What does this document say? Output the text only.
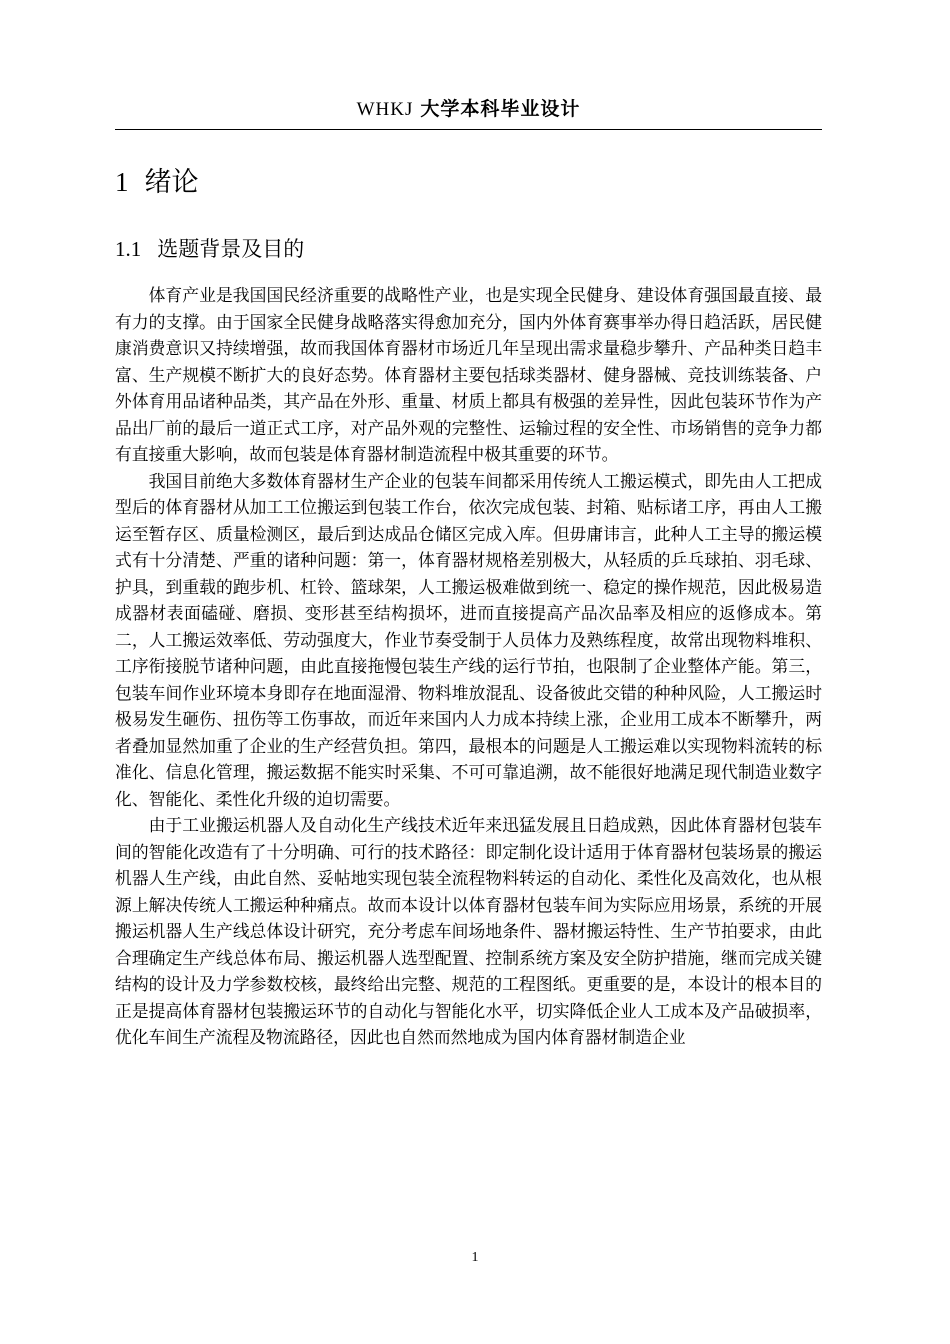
WHKJ 大学本科毕业设计
1 绪论
1.1 选题背景及目的

体育产业是我国国民经济重要的战略性产业，也是实现全民健身、建设体育强国最直接、最有力的支撑。由于国家全民健身战略落实得愈加充分，国内外体育赛事举办得日趋活跃，居民健康消费意识又持续增强，故而我国体育器材市场近几年呈现出需求量稳步攀升、产品种类日趋丰富、生产规模不断扩大的良好态势。体育器材主要包括球类器材、健身器械、竞技训练装备、户外体育用品诸种品类，其产品在外形、重量、材质上都具有极强的差异性，因此包装环节作为产品出厂前的最后一道正式工序，对产品外观的完整性、运输过程的安全性、市场销售的竞争力都有直接重大影响，故而包装是体育器材制造流程中极其重要的环节。

我国目前绝大多数体育器材生产企业的包装车间都采用传统人工搬运模式，即先由人工把成型后的体育器材从加工工位搬运到包装工作台，依次完成包装、封箱、贴标诸工序，再由人工搬运至暂存区、质量检测区，最后到达成品仓储区完成入库。但毋庸讳言，此种人工主导的搬运模式有十分清楚、严重的诸种问题：第一，体育器材规格差别极大，从轻质的乒乓球拍、羽毛球、护具，到重载的跑步机、杠铃、篮球架，人工搬运极难做到统一、稳定的操作规范，因此极易造成器材表面磕碰、磨损、变形甚至结构损坏，进而直接提高产品次品率及相应的返修成本。第二，人工搬运效率低、劳动强度大，作业节奏受制于人员体力及熟练程度，故常出现物料堆积、工序衔接脱节诸种问题，由此直接拖慢包装生产线的运行节拍，也限制了企业整体产能。第三，包装车间作业环境本身即存在地面湿滑、物料堆放混乱、设备彼此交错的种种风险，人工搬运时极易发生砸伤、扭伤等工伤事故，而近年来国内人力成本持续上涨，企业用工成本不断攀升，两者叠加显然加重了企业的生产经营负担。第四，最根本的问题是人工搬运难以实现物料流转的标准化、信息化管理，搬运数据不能实时采集、不可可靠追溯，故不能很好地满足现代制造业数字化、智能化、柔性化升级的迫切需要。

由于工业搬运机器人及自动化生产线技术近年来迅猛发展且日趋成熟，因此体育器材包装车间的智能化改造有了十分明确、可行的技术路径：即定制化设计适用于体育器材包装场景的搬运机器人生产线，由此自然、妥帖地实现包装全流程物料转运的自动化、柔性化及高效化，也从根源上解决传统人工搬运种种痛点。故而本设计以体育器材包装车间为实际应用场景，系统的开展搬运机器人生产线总体设计研究，充分考虑车间场地条件、器材搬运特性、生产节拍要求，由此合理确定生产线总体布局、搬运机器人选型配置、控制系统方案及安全防护措施，继而完成关键结构的设计及力学参数校核，最终给出完整、规范的工程图纸。更重要的是，本设计的根本目的正是提高体育器材包装搬运环节的自动化与智能化水平，切实降低企业人工成本及产品破损率，优化车间生产流程及物流路径，因此也自然而然地成为国内体育器材制造企业

1
